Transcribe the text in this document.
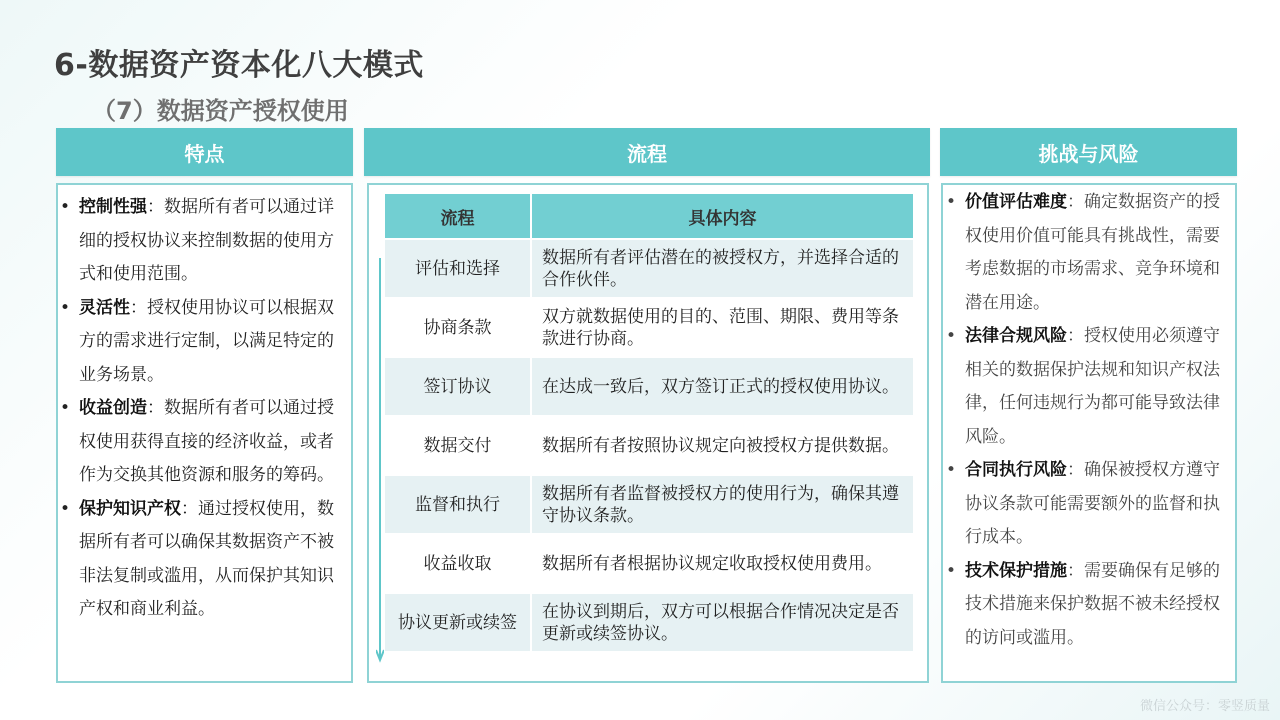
6-数据资产资本化八大模式
（7）数据资产授权使用
特点	流程	挑战与风险
• 控制性强：数据所有者可以通过详细的授权协议来控制数据的使用方式和使用范围。
• 灵活性：授权使用协议可以根据双方的需求进行定制，以满足特定的业务场景。
• 收益创造：数据所有者可以通过授权使用获得直接的经济收益，或者作为交换其他资源和服务的筹码。
• 保护知识产权：通过授权使用，数据所有者可以确保其数据资产不被非法复制或滥用，从而保护其知识产权和商业利益。
流程	具体内容
评估和选择	数据所有者评估潜在的被授权方，并选择合适的合作伙伴。
协商条款	双方就数据使用的目的、范围、期限、费用等条款进行协商。
签订协议	在达成一致后，双方签订正式的授权使用协议。
数据交付	数据所有者按照协议规定向被授权方提供数据。
监督和执行	数据所有者监督被授权方的使用行为，确保其遵守协议条款。
收益收取	数据所有者根据协议规定收取授权使用费用。
协议更新或续签	在协议到期后，双方可以根据合作情况决定是否更新或续签协议。
• 价值评估难度：确定数据资产的授权使用价值可能具有挑战性，需要考虑数据的市场需求、竞争环境和潜在用途。
• 法律合规风险：授权使用必须遵守相关的数据保护法规和知识产权法律，任何违规行为都可能导致法律风险。
• 合同执行风险：确保被授权方遵守协议条款可能需要额外的监督和执行成本。
• 技术保护措施：需要确保有足够的技术措施来保护数据不被未经授权的访问或滥用。
微信公众号：零竖质量
